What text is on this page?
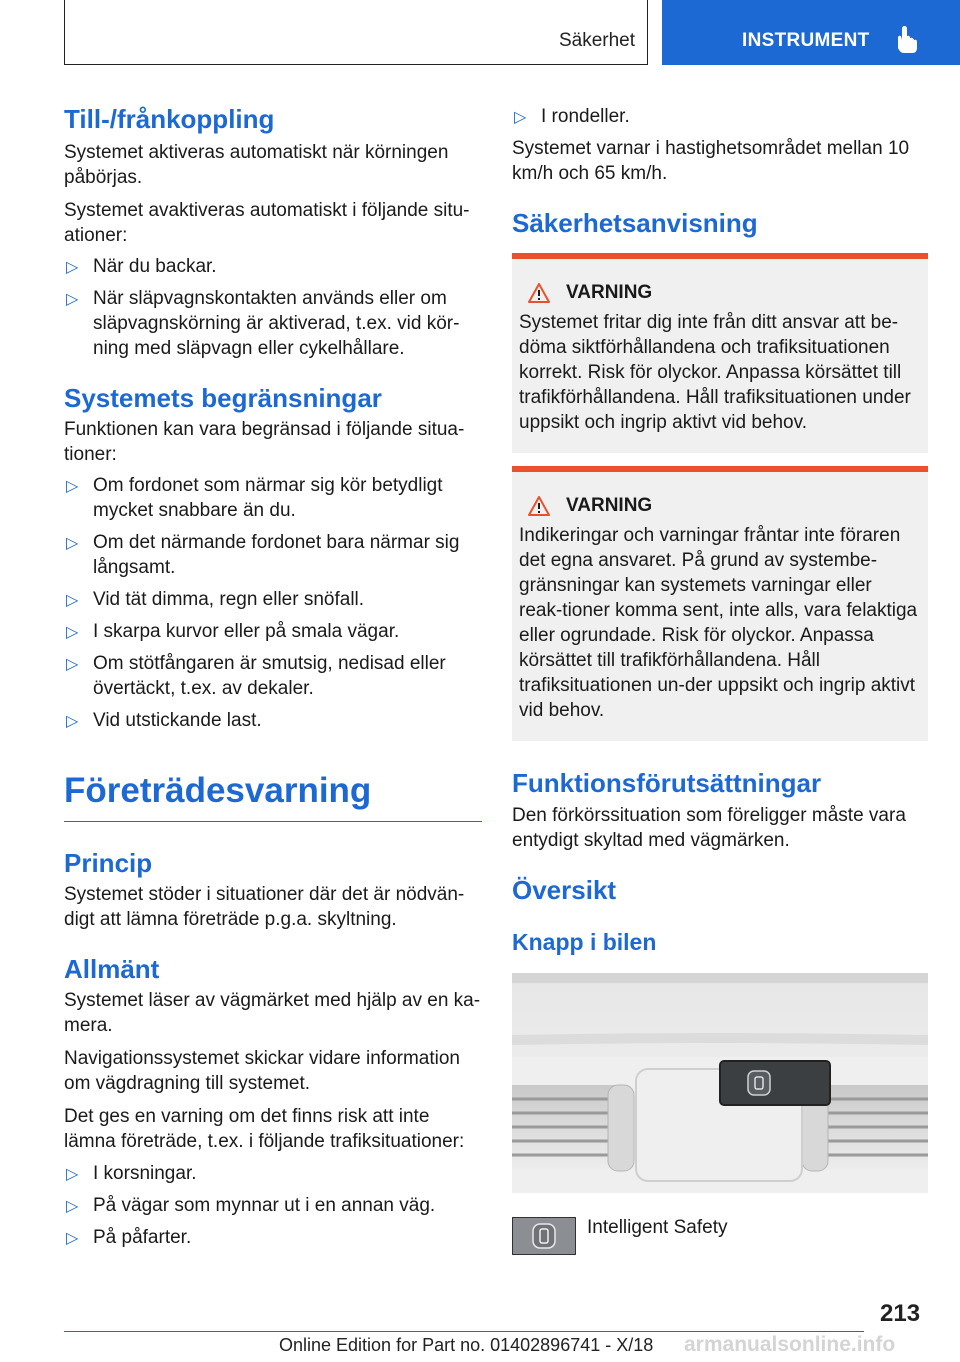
Säkerhet	INSTRUMENT
Till-/frånkoppling

Systemet aktiveras automatiskt när körningen påbörjas.

Systemet avaktiveras automatiskt i följande situ-ationer:

▷ När du backar.
▷ När släpvagnskontakten används eller om släpvagnskörning är aktiverad, t.ex. vid kör-ning med släpvagn eller cykelhållare.
Systemets begränsningar

Funktionen kan vara begränsad i följande situa-tioner:

▷ Om fordonet som närmar sig kör betydligt mycket snabbare än du.
▷ Om det närmande fordonet bara närmar sig långsamt.
▷ Vid tät dimma, regn eller snöfall.
▷ I skarpa kurvor eller på smala vägar.
▷ Om stötfångaren är smutsig, nedisad eller övertäckt, t.ex. av dekaler.
▷ Vid utstickande last.
Företrädesvarning
Princip

Systemet stöder i situationer där det är nödvän-digt att lämna företräde p.g.a. skyltning.

Allmänt

Systemet läser av vägmärket med hjälp av en ka-mera.

Navigationssystemet skickar vidare information om vägdragning till systemet.

Det ges en varning om det finns risk att inte lämna företräde, t.ex. i följande trafiksituationer:

▷ I korsningar.
▷ På vägar som mynnar ut i en annan väg.
▷ På påfarter.
▷ I rondeller.

Systemet varnar i hastighetsområdet mellan 10 km/h och 65 km/h.

Säkerhetsanvisning
VARNING

Systemet fritar dig inte från ditt ansvar att be-döma siktförhållandena och trafiksituationen korrekt. Risk för olyckor. Anpassa körsättet till trafikförhållandena. Håll trafiksituationen under uppsikt och ingrip aktivt vid behov.

VARNING

Indikeringar och varningar fråntar inte föraren det egna ansvaret. På grund av systembe-gränsningar kan systemets varningar eller reak-tioner komma sent, inte alls, vara felaktiga eller ogrundade. Risk för olyckor. Anpassa körsättet till trafikförhållandena. Håll trafiksituationen un-der uppsikt och ingrip aktivt vid behov.

Funktionsförutsättningar

Den förkörssituation som föreligger måste vara entydigt skyltad med vägmärken.

Översikt
Knapp i bilen

Intelligent Safety

213
Online Edition for Part no. 01402896741 - X/18 armanualsonline.info
